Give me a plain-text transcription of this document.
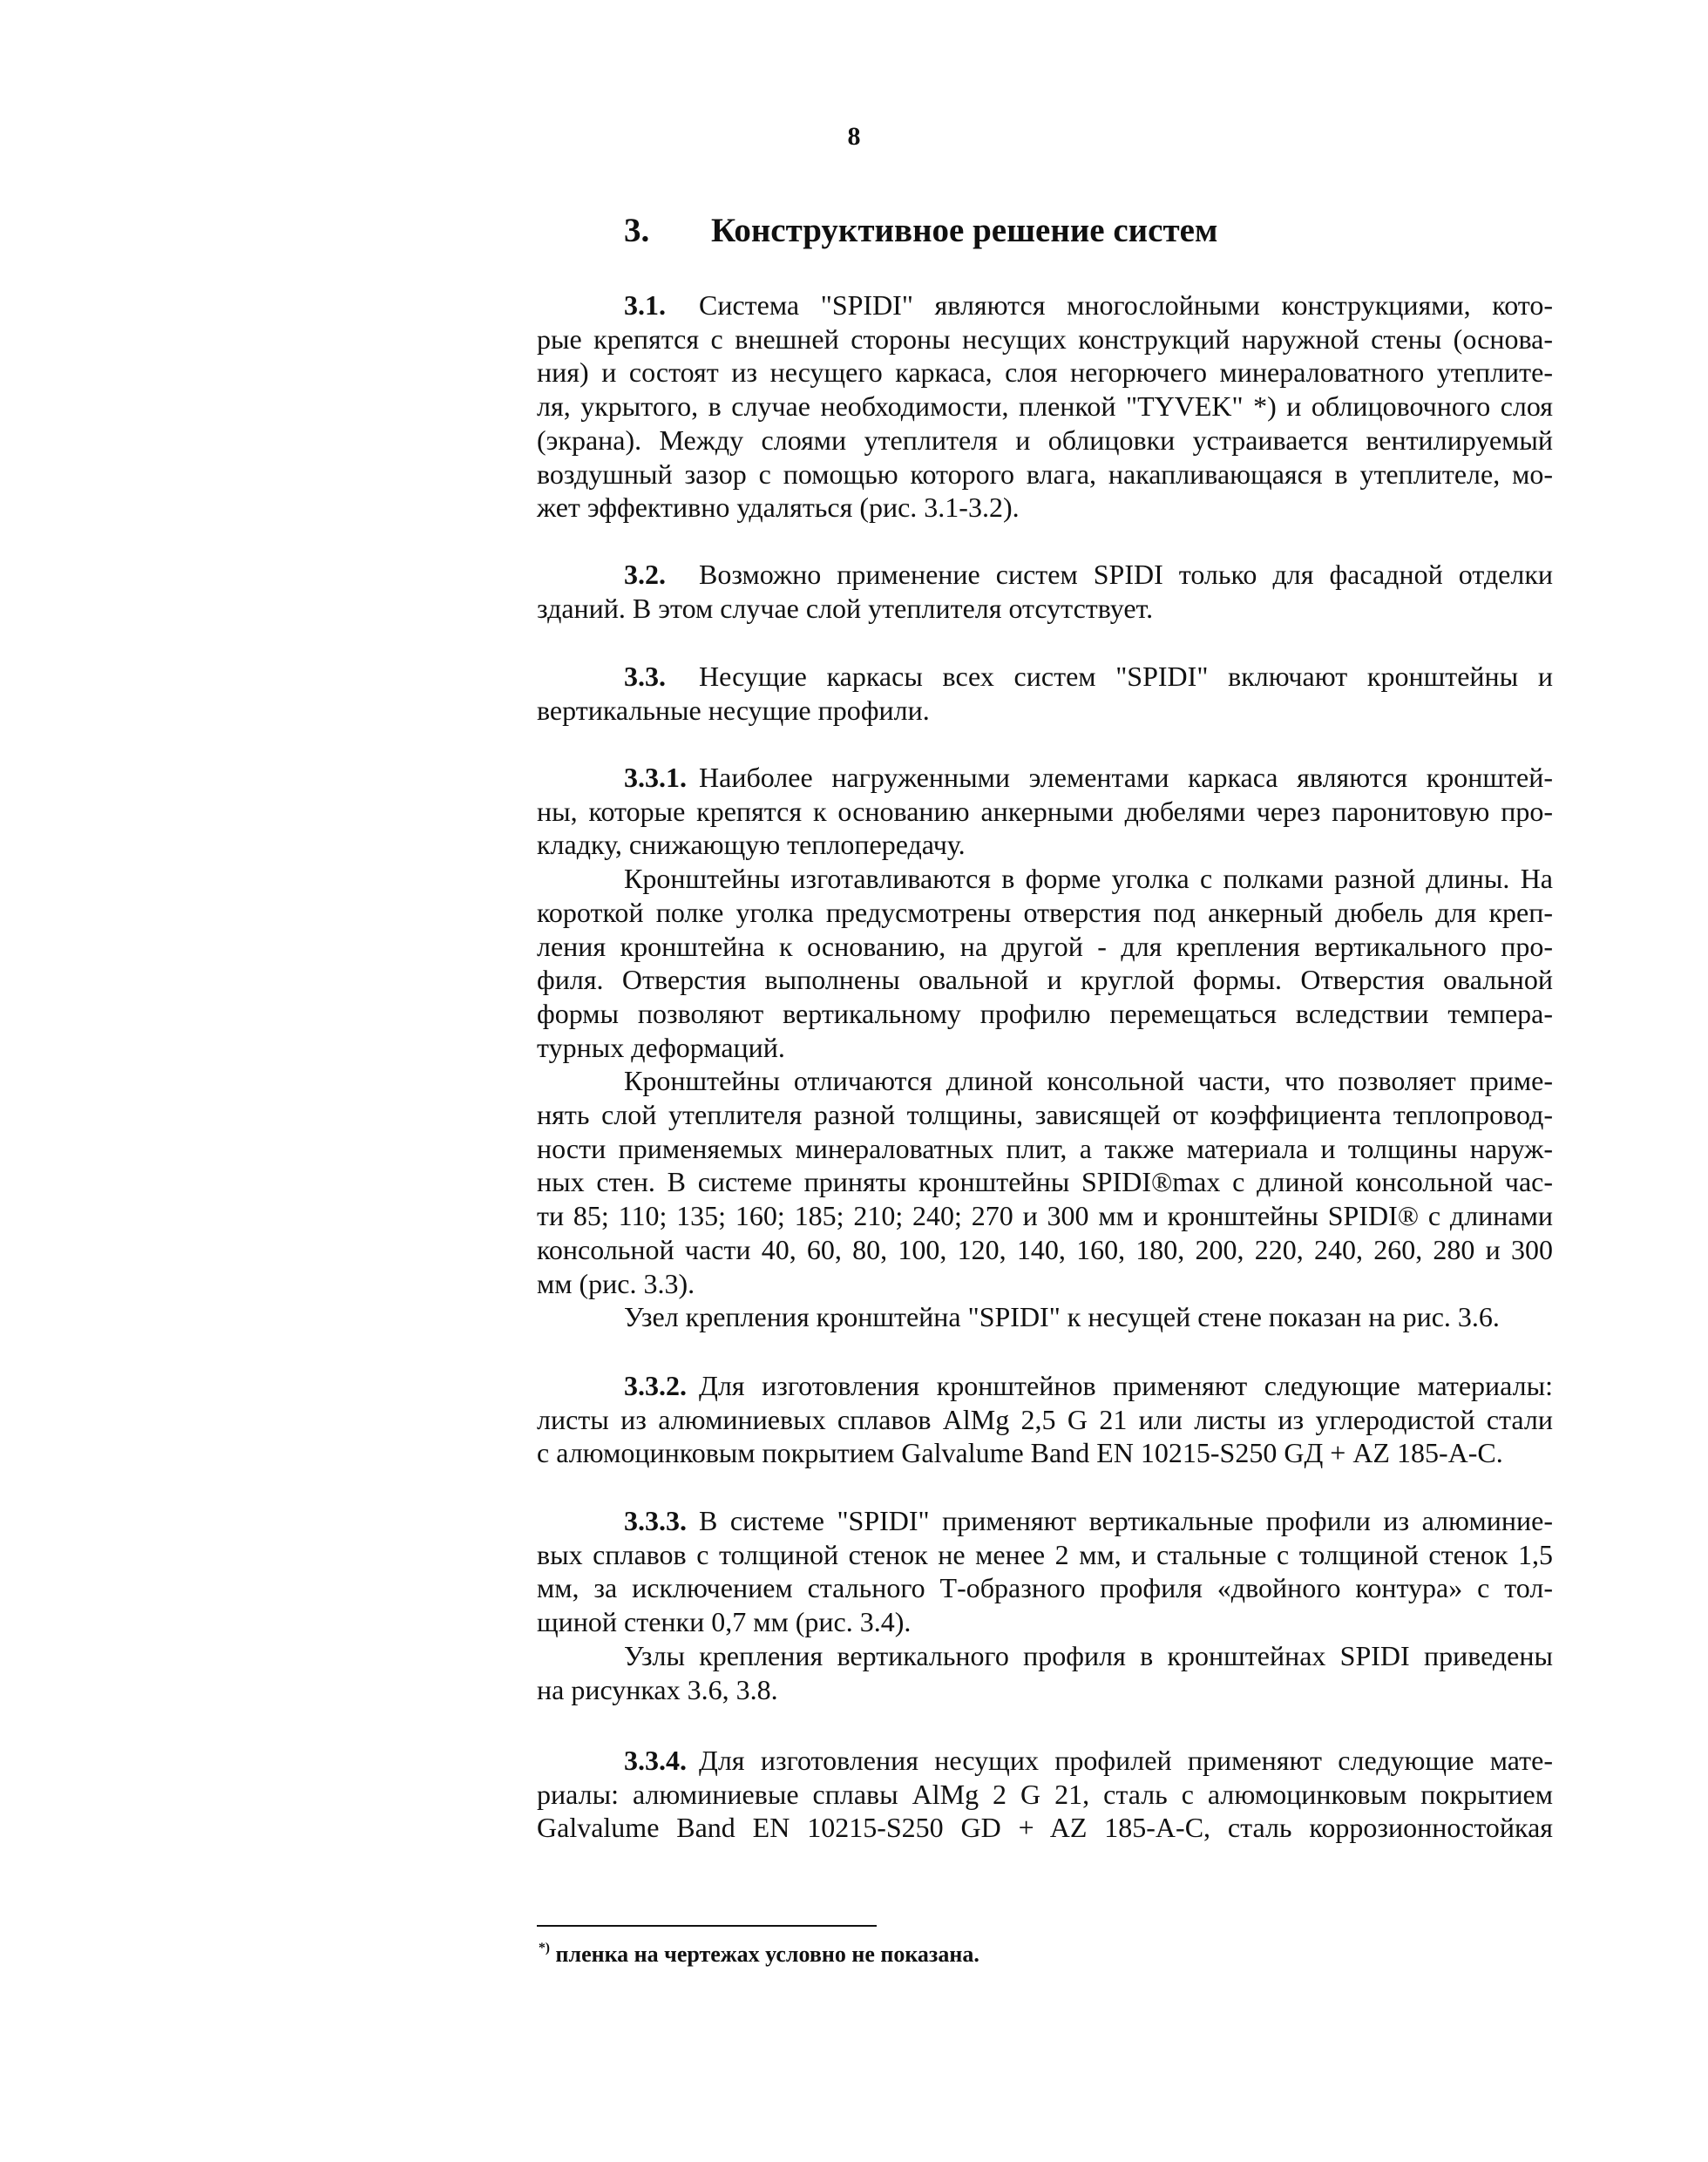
8
3. Конструктивное решение систем
3.1. Система "SPIDI" являются многослойными конструкциями, кото-
рые крепятся с внешней стороны несущих конструкций наружной стены (основа-
ния) и состоят из несущего каркаса, слоя негорючего минераловатного утеплите-
ля, укрытого, в случае необходимости, пленкой "TYVEK" *) и облицовочного слоя
(экрана). Между слоями утеплителя и облицовки устраивается вентилируемый
воздушный зазор с помощью которого влага, накапливающаяся в утеплителе, мо-
жет эффективно удаляться (рис. 3.1-3.2).
3.2. Возможно применение систем SPIDI только для фасадной отделки
зданий. В этом случае слой утеплителя отсутствует.
3.3. Несущие каркасы всех систем "SPIDI" включают кронштейны и
вертикальные несущие профили.
3.3.1. Наиболее нагруженными элементами каркаса являются кронштей-
ны, которые крепятся к основанию анкерными дюбелями через паронитовую про-
кладку, снижающую теплопередачу.
Кронштейны изготавливаются в форме уголка с полками разной длины. На
короткой полке уголка предусмотрены отверстия под анкерный дюбель для креп-
ления кронштейна к основанию, на другой - для крепления вертикального про-
филя. Отверстия выполнены овальной и круглой формы. Отверстия овальной
формы позволяют вертикальному профилю перемещаться вследствии темпера-
турных деформаций.
Кронштейны отличаются длиной консольной части, что позволяет приме-
нять слой утеплителя разной толщины, зависящей от коэффициента теплопровод-
ности применяемых минераловатных плит, а также материала и толщины наруж-
ных стен. В системе приняты кронштейны SPIDI®max с длиной консольной час-
ти 85; 110; 135; 160; 185; 210; 240; 270 и 300 мм и кронштейны SPIDI® с длинами
консольной части 40, 60, 80, 100, 120, 140, 160, 180, 200, 220, 240, 260, 280 и 300
мм (рис. 3.3).
Узел крепления кронштейна "SPIDI" к несущей стене показан на рис. 3.6.
3.3.2. Для изготовления кронштейнов применяют следующие материалы:
листы из алюминиевых сплавов AlMg 2,5 G 21 или листы из углеродистой стали
с алюмоцинковым покрытием Galvalume Band EN 10215-S250 GД + AZ 185-A-C.
3.3.3. В системе "SPIDI" применяют вертикальные профили из алюминие-
вых сплавов с толщиной стенок не менее 2 мм, и стальные с толщиной стенок 1,5
мм, за исключением стального Т-образного профиля «двойного контура» с тол-
щиной стенки 0,7 мм (рис. 3.4).
Узлы крепления вертикального профиля в кронштейнах SPIDI приведены
на рисунках 3.6, 3.8.
3.3.4. Для изготовления несущих профилей применяют следующие мате-
риалы: алюминиевые сплавы AlMg 2 G 21, сталь с алюмоцинковым покрытием
Galvalume Band EN 10215-S250 GD + AZ 185-A-C, сталь коррозионностойкая
*) пленка на чертежах условно не показана.
